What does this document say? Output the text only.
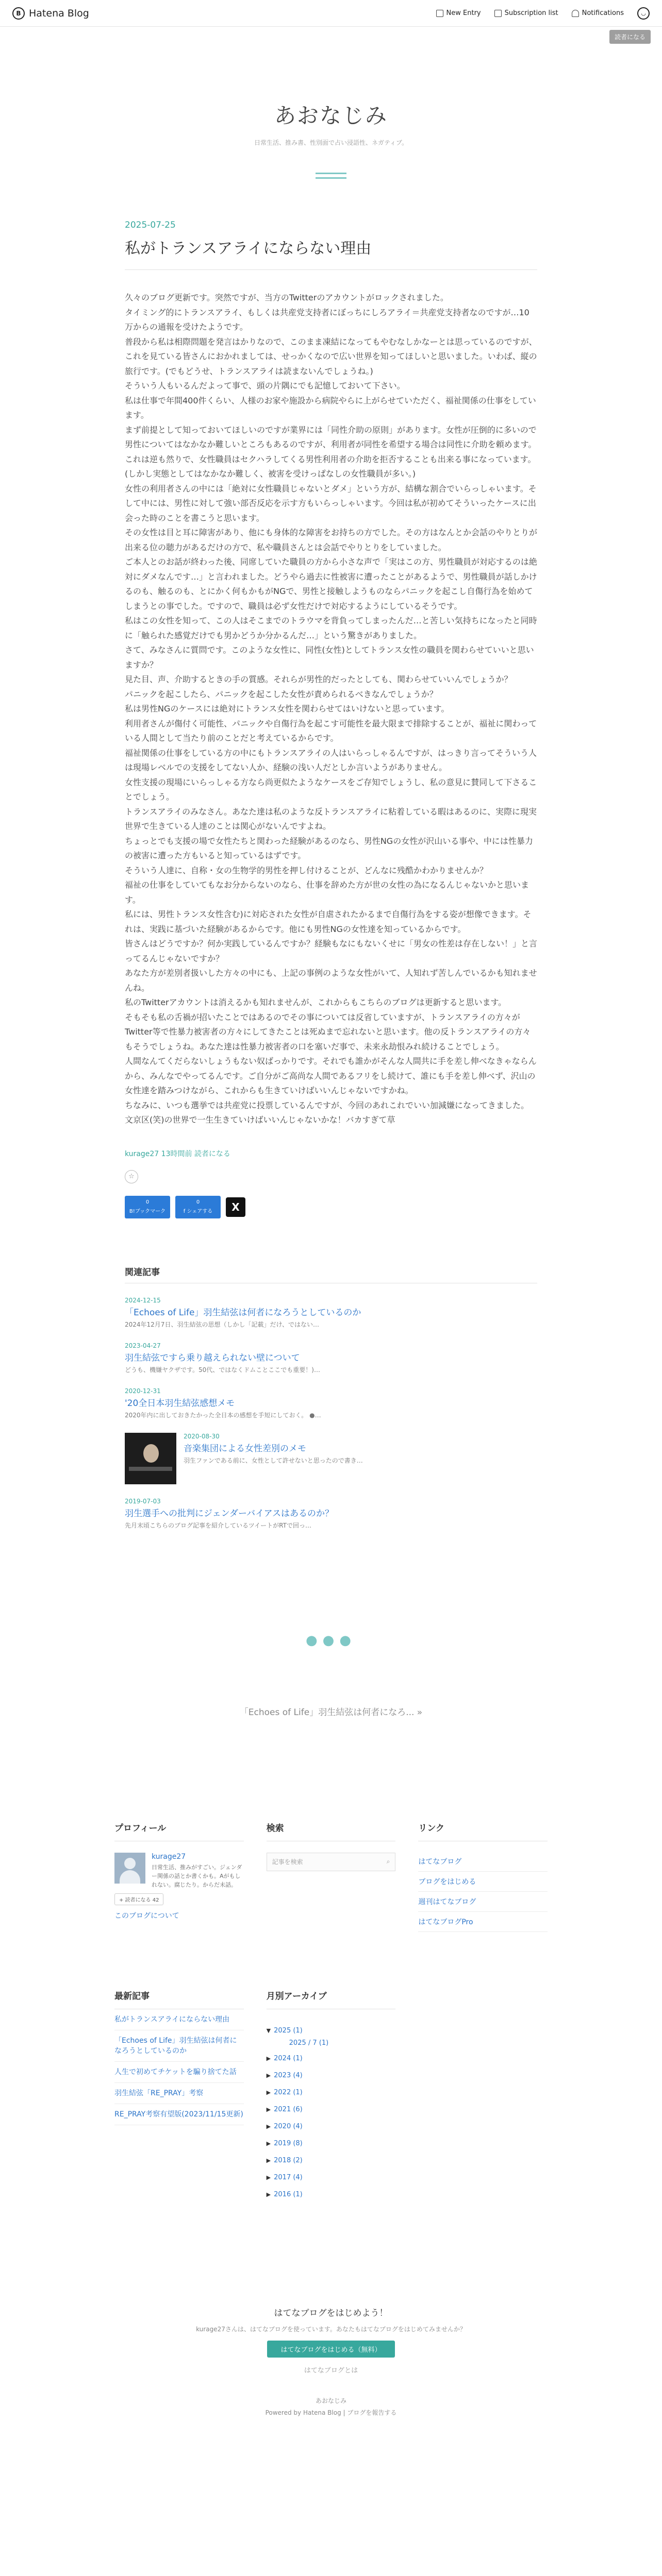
B Hatena Blog	New Entry	Subscription list	Notifications	◡
読者になる
あおなじみ
日常生活、推み書、性別面で占い浸語性、ネガティブ。
2025-07-25
私がトランスアライにならない理由

久々のブログ更新です。突然ですが、当方のTwitterのアカウントがロックされました。

タイミング的にトランスアライ、もしくは共産党支持者にぼっちにしろアライ＝共産党支持者なのですが…10万からの通報を受けたようです。

普段から私は相際問題を発言はかりなので、このまま凍結になってもやむなしかなーとは思っているのですが、これを見ている皆さんにおかれましては、せっかくなので広い世界を知ってほしいと思いました。いわば、縦の旅行です。(でもどうせ、トランスアライは読まないんでしょうね。)

そういう人もいるんだよって事で、頭の片隅にでも記憶しておいて下さい。

私は仕事で年間400件くらい、人様のお家や施設から病院やらに上がらせていただく、福祉関係の仕事をしています。

まず前提として知っておいてほしいのですが業界には「同性介助の原則」があります。女性が圧倒的に多いので男性についてはなかなか難しいところもあるのですが、利用者が同性を希望する場合は同性に介助を頼めます。

これは逆も然りで、女性職員はセクハラしてくる男性利用者の介助を拒否することも出来る事になっています。

(しかし実態としてはなかなか難しく、被害を受けっぱなしの女性職員が多い。)

女性の利用者さんの中には「絶対に女性職員じゃないとダメ」という方が、結構な割合でいらっしゃいます。そして中には、男性に対して強い部否反応を示す方もいらっしゃいます。今回は私が初めてそういったケースに出会った時のことを書こうと思います。

その女性は目と耳に障害があり、他にも身体的な障害をお持ちの方でした。その方はなんとか会話のやりとりが出来る位の聴力があるだけの方で、私や職員さんとは会話でやりとりをしていました。

ご本人とのお話が終わった後、同席していた職員の方から小さな声で「実はこの方、男性職員が対応するのは絶対にダメなんです…」と言われました。どうやら過去に性被害に遭ったことがあるようで、男性職員が話しかけるのも、触るのも、とにかく何もかもがNGで、男性と接触しようものならパニックを起こし自傷行為を始めてしまうとの事でした。ですので、職員は必ず女性だけで対応するようにしているそうです。

私はこの女性を知って、この人はそこまでのトラウマを背負ってしまったんだ…と苦しい気持ちになったと同時に「触られた感覚だけでも男かどうか分かるんだ…」という驚きがありました。

さて、みなさんに質問です。このような女性に、同性(女性)としてトランス女性の職員を関わらせていいと思いますか？

見た目、声、介助するときの手の質感。それらが男性的だったとしても、関わらせていいんでしょうか？

パニックを起こしたら、パニックを起こした女性が責められるべきなんでしょうか？

私は男性NGのケースには絶対にトランス女性を関わらせてはいけないと思っています。

利用者さんが傷付く可能性、パニックや自傷行為を起こす可能性を最大限まで排除することが、福祉に関わっている人間として当たり前のことだと考えているからです。

福祉関係の仕事をしている方の中にもトランスアライの人はいらっしゃるんですが、はっきり言ってそういう人は現場レベルでの支援をしてない人か、経験の浅い人だとしか言いようがありません。

女性支援の現場にいらっしゃる方なら尚更似たようなケースをご存知でしょうし、私の意見に賛同して下さることでしょう。

トランスアライのみなさん。あなた達は私のような反トランスアライに粘着している暇はあるのに、実際に現実世界で生きている人達のことは関心がないんですよね。

ちょっとでも支援の場で女性たちと関わった経験があるのなら、男性NGの女性が沢山いる事や、中には性暴力の被害に遭った方もいると知っているはずです。

そういう人達に、自称・女の生物学的男性を押し付けることが、どんなに残酷かわかりませんか？

福祉の仕事をしていてもなお分からないのなら、仕事を辞めた方が世の女性の為になるんじゃないかと思います。

私には、男性トランス女性含む)に対応された女性が自虐されたかるまで自傷行為をする姿が想像できます。それは、実践に基づいた経験があるからです。他にも男性NGの女性達を知っているからです。

皆さんはどうですか？何か実践しているんですか？経験もなにもないくせに「男女の性差は存在しない！」と言ってるんじゃないですか？

あなた方が差別者扱いした方々の中にも、上記の事例のような女性がいて、人知れず苦しんでいるかも知れませんね。

私のTwitterアカウントは消えるかも知れませんが、これからもこちらのブログは更新すると思います。

そもそも私の舌禍が招いたことではあるのでその事については反省していますが、トランスアライの方々がTwitter等で性暴力被害者の方々にしてきたことは死ぬまで忘れないと思います。他の反トランスアライの方々もそうでしょうね。あなた達は性暴力被害者の口を塞いだ事で、未来永劫恨みれ続けることでしょう。

人間なんてくだらないしょうもない奴ばっかりです。それでも誰かがそんな人間共に手を差し伸べなきゃならんから、みんなでやってるんです。ご自分がご高尚な人間であるフリをし続けて、誰にも手を差し伸べず、沢山の女性達を踏みつけながら、これからも生きていけばいいんじゃないですかね。

ちなみに、いつも選挙では共産党に投票しているんですが、今回のあれこれでいい加減嫌になってきました。

文京区(笑)の世界で一生生きていけばいいんじゃないかな！バカすぎて草

kurage27 13時間前 読者になる
☆
0
B!ブックマーク
0
f シェアする	X
関連記事
2024-12-15
「Echoes of Life」羽生結弦は何者になろうとしているのか
2024年12月7日、羽生結弦の思想（しかし「記載」だけ、ではない…
2023-04-27
羽生結弦ですら乗り越えられない壁について
どうも、機嫌ヤクザです。50代、ではなくドムことここでも重要！)…
2020-12-31
'20全日本羽生結弦感想メモ
2020年内に出しておきたかった全日本の感想を手短にしておく。 ●…
2020-08-30
音楽集団による女性差別のメモ
羽生ファンである前に、女性として許せないと思ったので書き…
2019-07-03
羽生選手への批判にジェンダーバイアスはあるのか？
先月末頃こちらのブログ記事を紹介しているツイートがRTで回っ…
●●●
「Echoes of Life」羽生結弦は何者になろ... »
プロフィール
kurage27
日常生活、推みがすごい。ジェンダー関係の話とか書くかも。Aがもしれない。腐じたり。からだ未話。
+ 読者になる 42
このブログについて
検索
記事を検索	⌕
リンク
はてなブログ
ブログをはじめる
週刊はてなブログ
はてなブログPro
最新記事
私がトランスアライにならない理由
「Echoes of Life」羽生結弦は何者になろうとしているのか
人生で初めてチケットを騙り捨てた話
羽生結弦「RE_PRAY」考察
RE_PRAY考察有望版(2023/11/15更新)
月別アーカイブ
▼ 2025 (1)
2025 / 7 (1)
▶ 2024 (1)
▶ 2023 (4)
▶ 2022 (1)
▶ 2021 (6)
▶ 2020 (4)
▶ 2019 (8)
▶ 2018 (2)
▶ 2017 (4)
▶ 2016 (1)
はてなブログをはじめよう！
kurage27さんは、はてなブログを使っています。あなたもはてなブログをはじめてみませんか？
はてなブログをはじめる（無料）
はてなブログとは
あおなじみ
Powered by Hatena Blog | ブログを報告する
